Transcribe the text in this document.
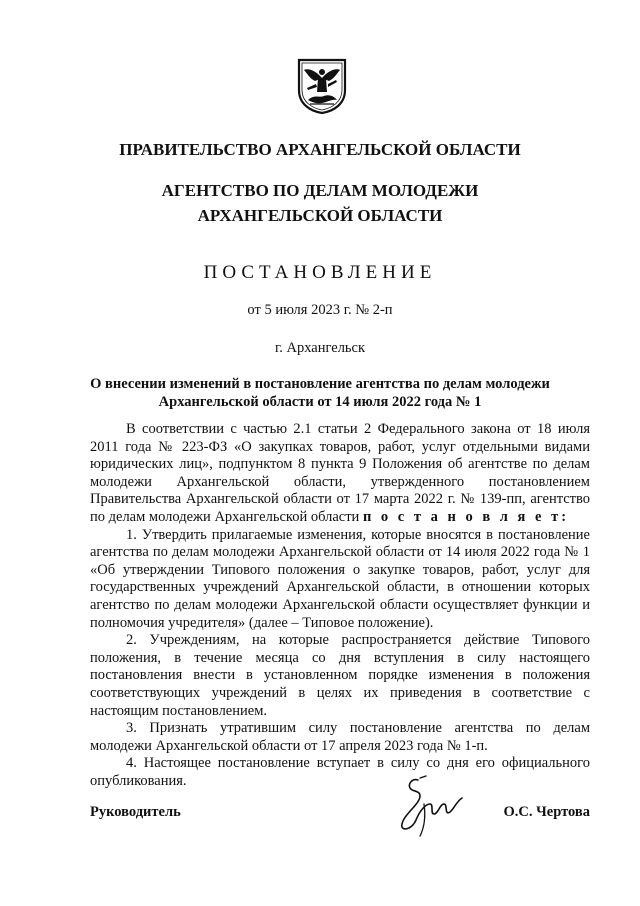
ПРАВИТЕЛЬСТВО АРХАНГЕЛЬСКОЙ ОБЛАСТИ
АГЕНТСТВО ПО ДЕЛАМ МОЛОДЕЖИ
АРХАНГЕЛЬСКОЙ ОБЛАСТИ
ПОСТАНОВЛЕНИЕ
от 5 июля 2023 г. № 2-п
г. Архангельск
О внесении изменений в постановление агентства по делам молодежи
Архангельской области от 14 июля 2022 года № 1

В соответствии с частью 2.1 статьи 2 Федерального закона от 18 июля 2011 года № 223-ФЗ «О закупках товаров, работ, услуг отдельными видами юридических лиц», подпунктом 8 пункта 9 Положения об агентстве по делам молодежи Архангельской области, утвержденного постановлением Правительства Архангельской области от 17 марта 2022 г. № 139-пп, агентство по делам молодежи Архангельской области п о с т а н о в л я е т:

1. Утвердить прилагаемые изменения, которые вносятся в постановление агентства по делам молодежи Архангельской области от 14 июля 2022 года № 1 «Об утверждении Типового положения о закупке товаров, работ, услуг для государственных учреждений Архангельской области, в отношении которых агентство по делам молодежи Архангельской области осуществляет функции и полномочия учредителя» (далее – Типовое положение).

2. Учреждениям, на которые распространяется действие Типового положения, в течение месяца со дня вступления в силу настоящего постановления внести в установленном порядке изменения в положения соответствующих учреждений в целях их приведения в соответствие с настоящим постановлением.

3. Признать утратившим силу постановление агентства по делам молодежи Архангельской области от 17 апреля 2023 года № 1-п.

4. Настоящее постановление вступает в силу со дня его официального опубликования.

Руководитель	О.С. Чертова
